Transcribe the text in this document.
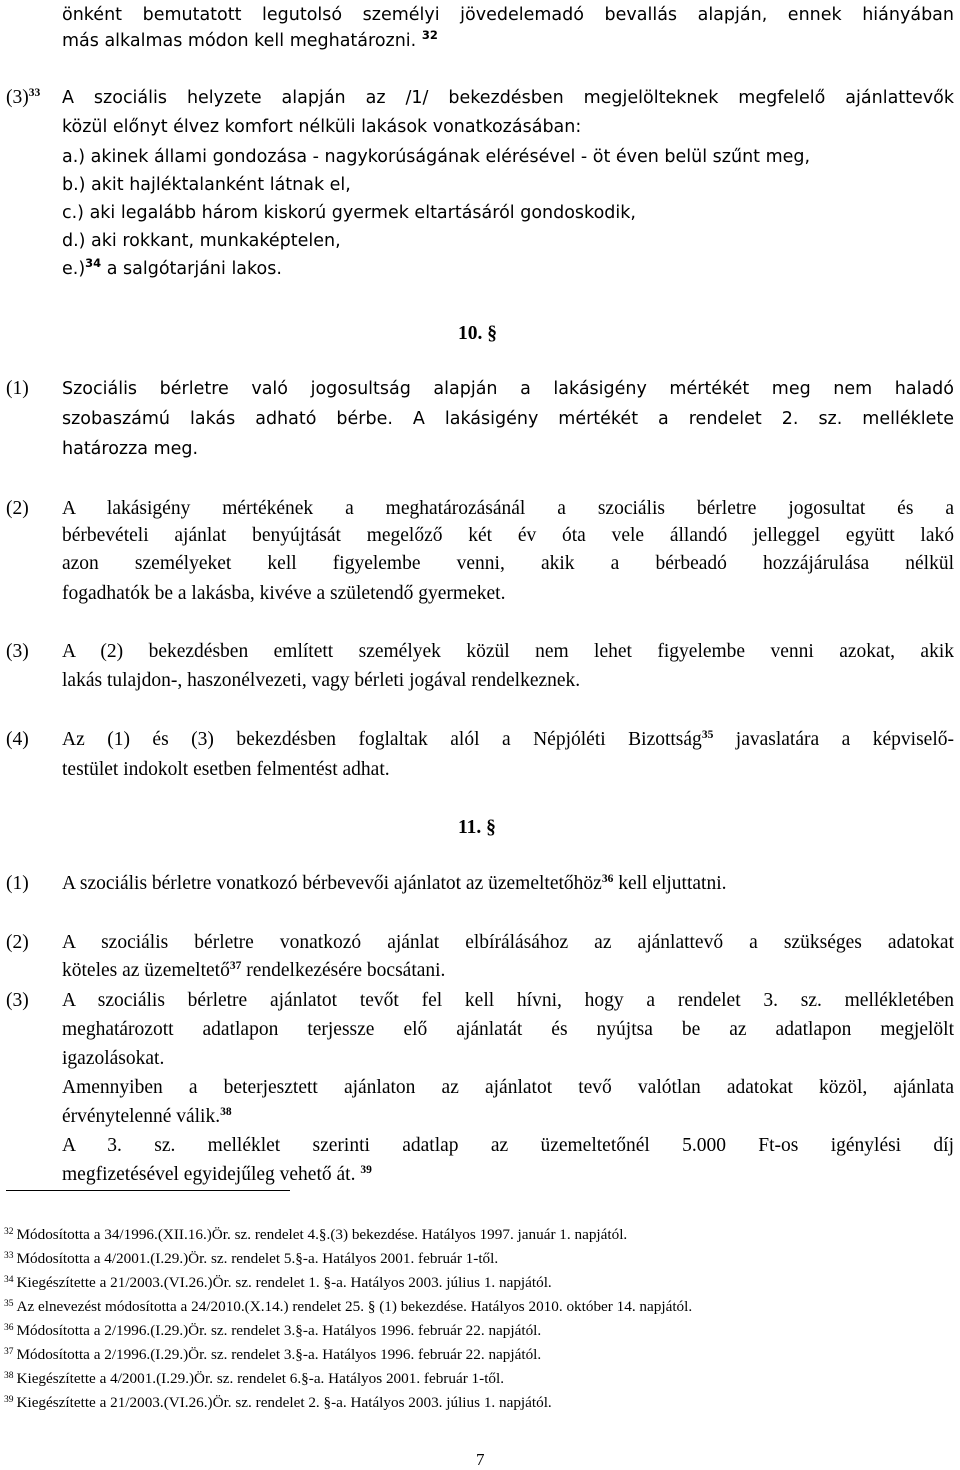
önként bemutatott legutolsó személyi jövedelemadó bevallás alapján, ennek hiányában
más alkalmas módon kell meghatározni. $^{32}$
$(3)^{33}$ A szociális helyzete alapján az /1/ bekezdésben megjelölteknek megfelelő ajánlattevők
közül előnyt élvez komfort nélküli lakások vonatkozásában:
a.) akinek állami gondozása - nagykorúságának elérésével - öt éven belül szűnt meg,
b.) akit hajléktalanként látnak el,
c.) aki legalább három kiskorú gyermek eltartásáról gondoskodik,
d.) aki rokkant, munkaképtelen,
e.)$^{34}$ a salgótarjáni lakos.
10. §
(1) Szociális bérletre való jogosultság alapján a lakásigény mértékét meg nem haladó
szobaszámú lakás adható bérbe. A lakásigény mértékét a rendelet 2. sz. melléklete
határozza meg.
(2) A lakásigény mértékének a meghatározásánál a szociális bérletre jogosultat és a
bérbevételi ajánlat benyújtását megelőző két év óta vele állandó jelleggel együtt lakó
azon személyeket kell figyelembe venni, akik a bérbeadó hozzájárulása nélkül
fogadhatók be a lakásba, kivéve a születendő gyermeket.
(3) A (2) bekezdésben említett személyek közül nem lehet figyelembe venni azokat, akik
lakás tulajdon-, haszonélvezeti, vagy bérleti jogával rendelkeznek.
(4) Az (1) és (3) bekezdésben foglaltak alól a Népjóléti Bizottság$^{35}$ javaslatára a képviselő-
testület indokolt esetben felmentést adhat.
11. §
(1) A szociális bérletre vonatkozó bérbevevői ajánlatot az üzemeltetőhöz$^{36}$ kell eljuttatni.
(2) A szociális bérletre vonatkozó ajánlat elbírálásához az ajánlattevő a szükséges adatokat
köteles az üzemeltető$^{37}$ rendelkezésére bocsátani.
(3) A szociális bérletre ajánlatot tevőt fel kell hívni, hogy a rendelet 3. sz. mellékletében
meghatározott adatlapon terjessze elő ajánlatát és nyújtsa be az adatlapon megjelölt
igazolásokat.
Amennyiben a beterjesztett ajánlaton az ajánlatot tevő valótlan adatokat közöl, ajánlata
érvénytelenné válik.$^{38}$
A 3. sz. melléklet szerinti adatlap az üzemeltetőnél 5.000 Ft-os igénylési díj
megfizetésével egyidejűleg vehető át. $^{39}$
$^{32}$ Módosította a 34/1996.(XII.16.)Ör. sz. rendelet 4.§.(3) bekezdése. Hatályos 1997. január 1. napjától.
$^{33}$ Módosította a 4/2001.(I.29.)Ör. sz. rendelet 5.§-a. Hatályos 2001. február 1-től.
$^{34}$ Kiegészítette a 21/2003.(VI.26.)Ör. sz. rendelet 1. §-a. Hatályos 2003. július 1. napjától.
$^{35}$ Az elnevezést módosította a 24/2010.(X.14.) rendelet 25. § (1) bekezdése. Hatályos 2010. október 14. napjától.
$^{36}$ Módosította a 2/1996.(I.29.)Ör. sz. rendelet 3.§-a. Hatályos 1996. február 22. napjától.
$^{37}$ Módosította a 2/1996.(I.29.)Ör. sz. rendelet 3.§-a. Hatályos 1996. február 22. napjától.
$^{38}$ Kiegészítette a 4/2001.(I.29.)Ör. sz. rendelet 6.§-a. Hatályos 2001. február 1-től.
$^{39}$ Kiegészítette a 21/2003.(VI.26.)Ör. sz. rendelet 2. §-a. Hatályos 2003. július 1. napjától.
7
